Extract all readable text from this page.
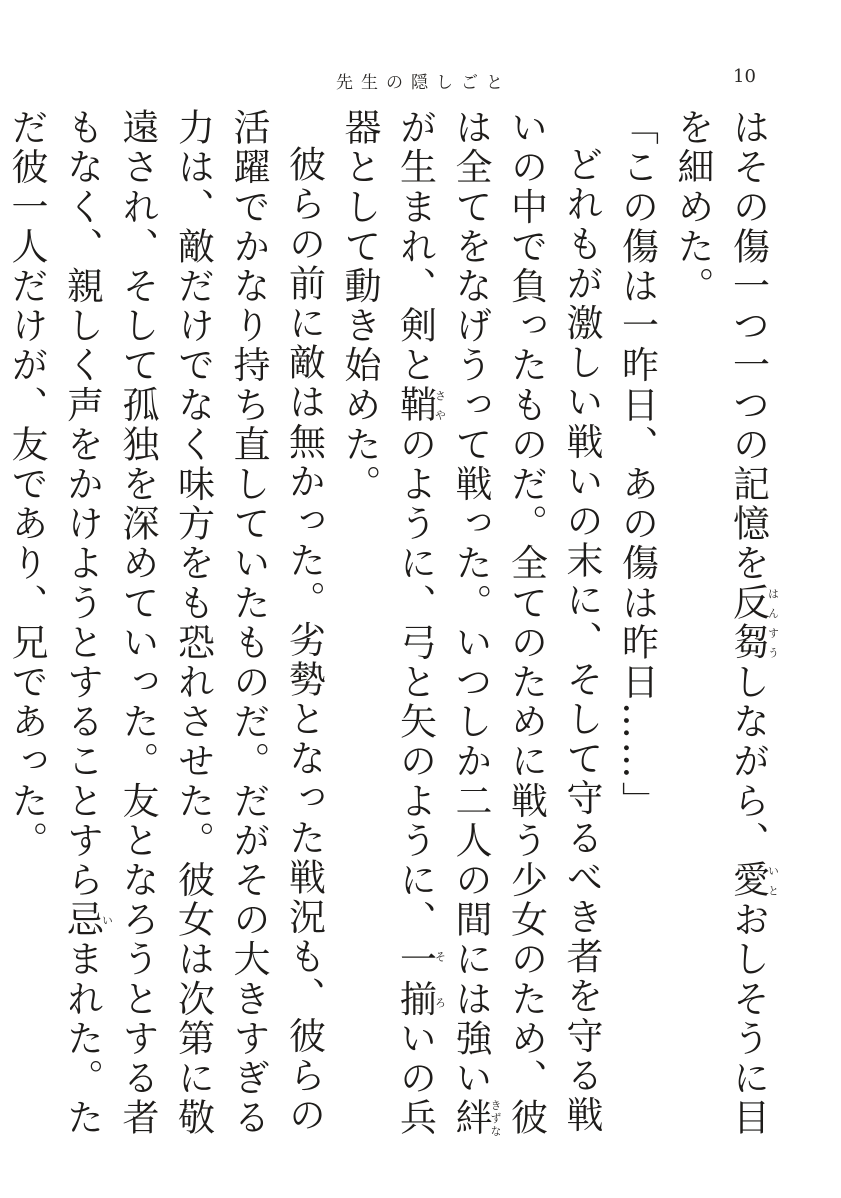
先生の隠しごと	10

はその傷一つ一つの記憶を反芻はんすうしながら、愛いとおしそうに目を細めた。

「この傷は一昨日、あの傷は昨日……」

どれもが激しい戦いの末に、そして守るべき者を守る戦いの中で負ったものだ。全てのために戦う少女のため、彼は全てをなげうって戦った。いつしか二人の間には強い絆きずなが生まれ、剣と鞘さやのように、弓と矢のように、一揃そろいの兵器として動き始めた。

彼らの前に敵は無かった。劣勢となった戦況も、彼らの活躍でかなり持ち直していたものだ。だがその大きすぎる力は、敵だけでなく味方をも恐れさせた。彼女は次第に敬遠され、そして孤独を深めていった。友となろうとする者もなく、親しく声をかけようとすることすら忌いまれた。ただ彼一人だけが、友であり、兄であった。
